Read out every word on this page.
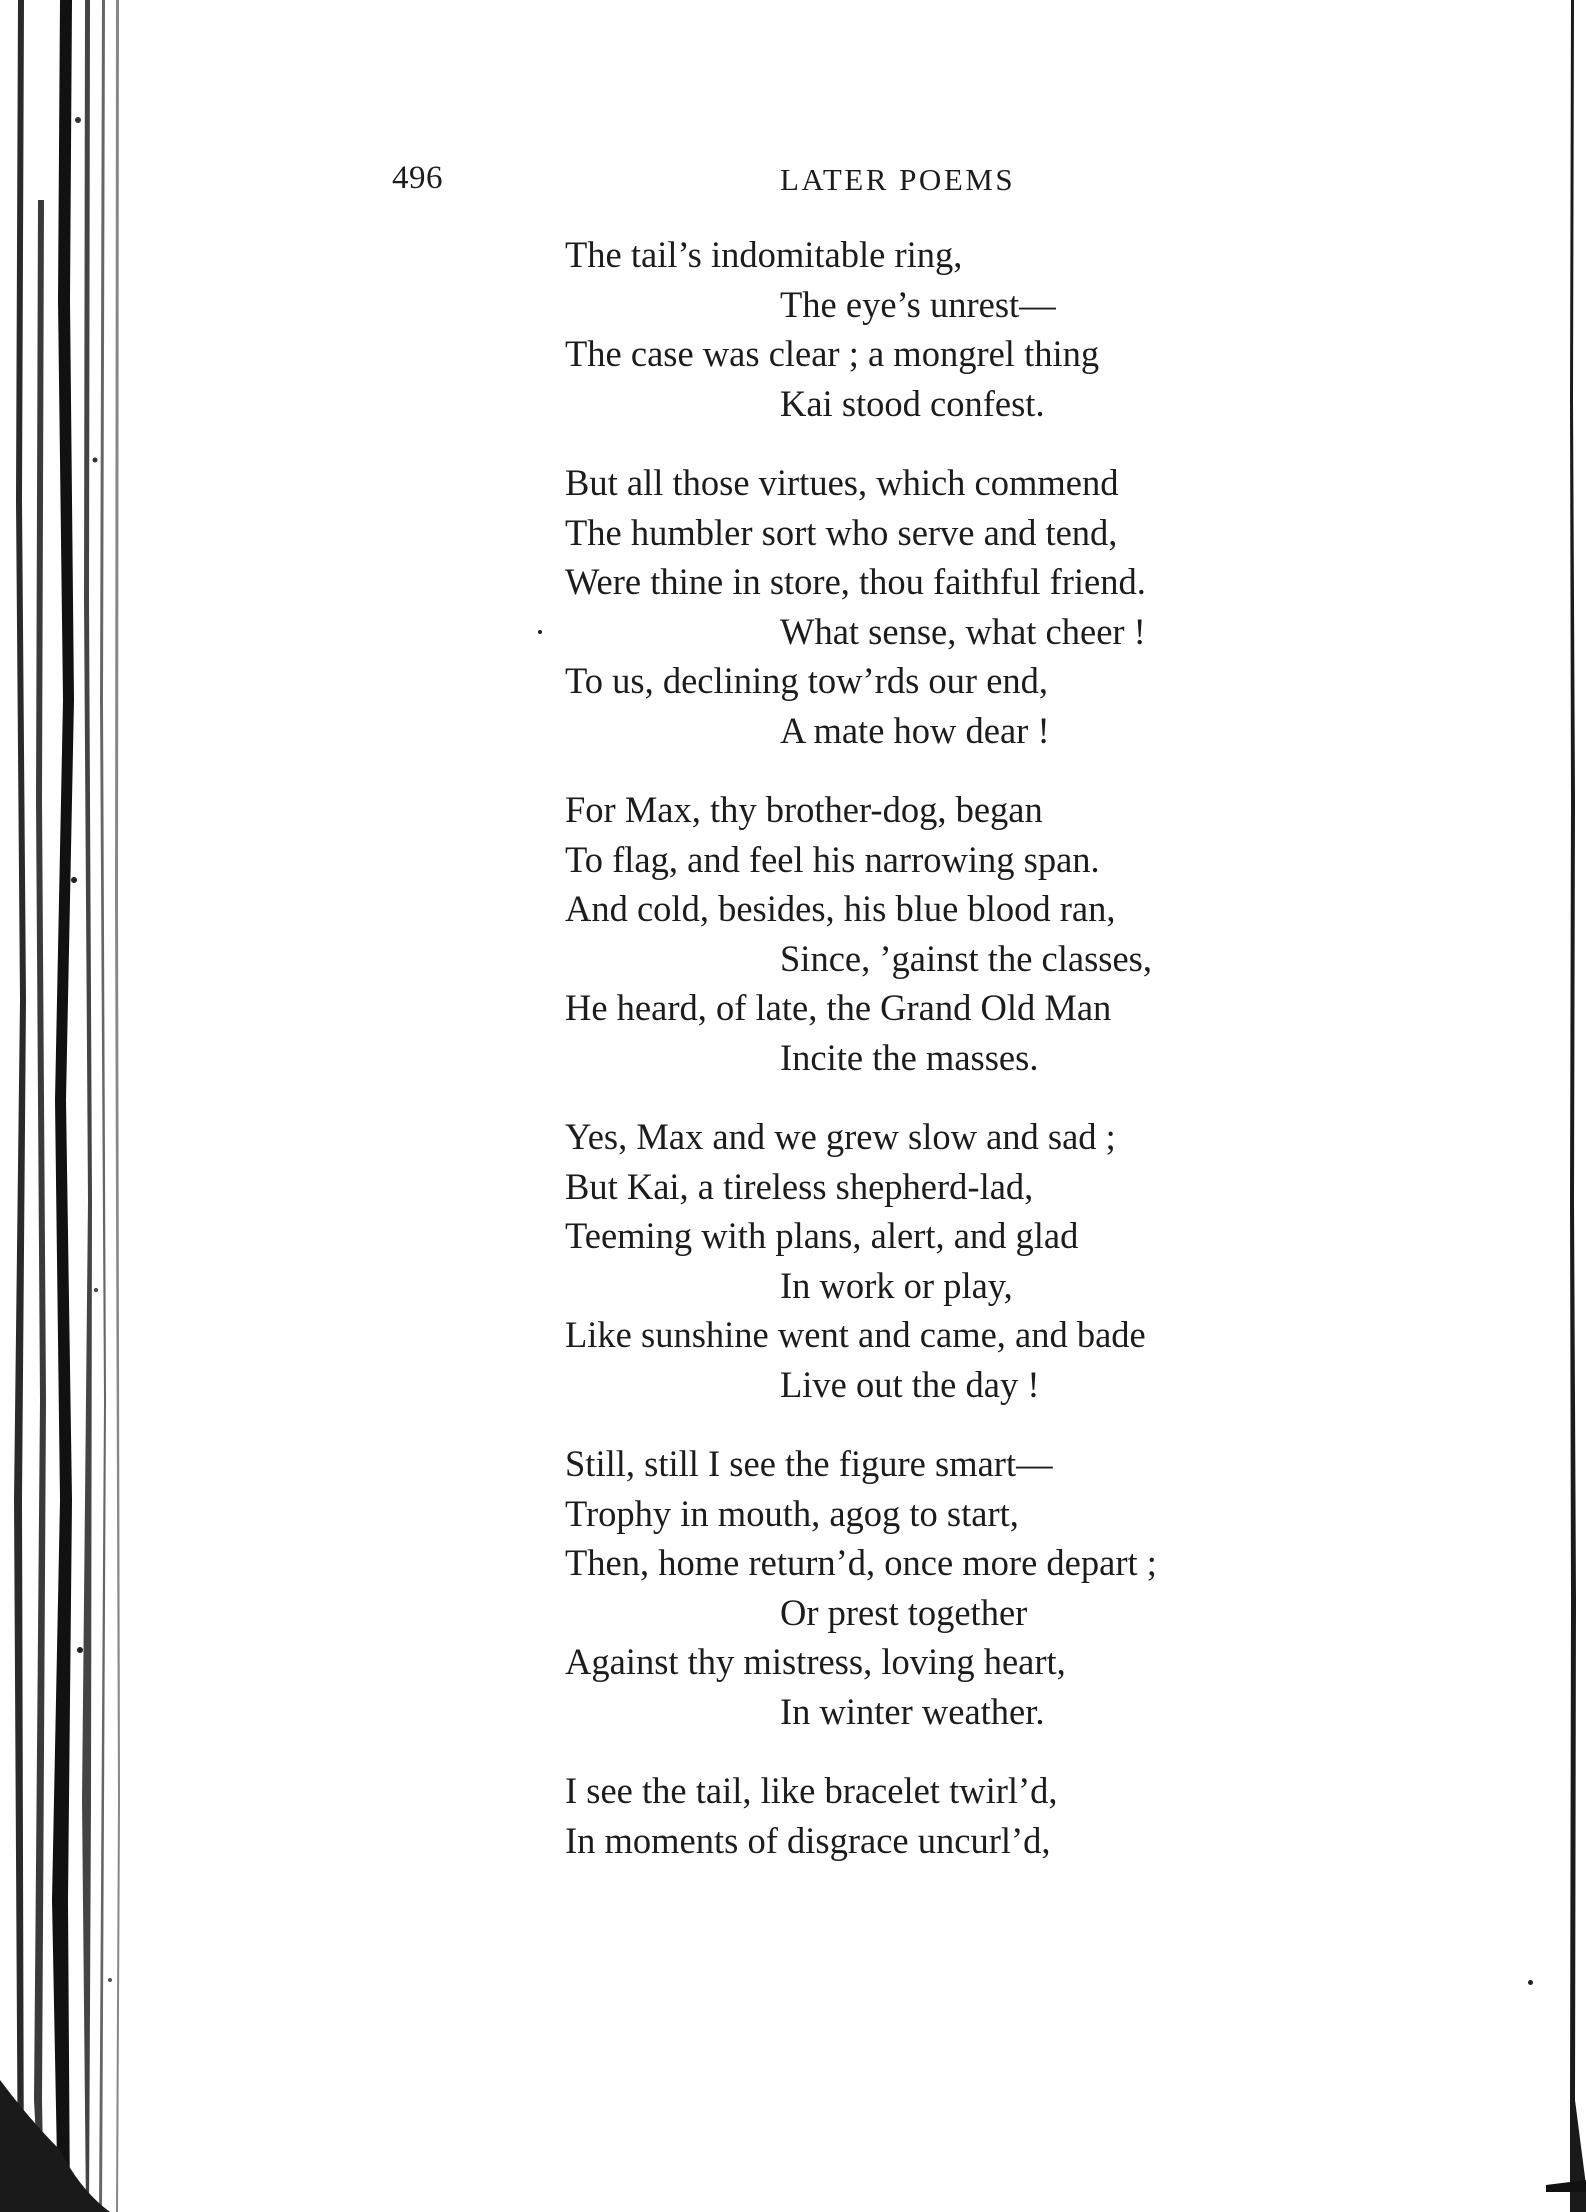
496	LATER POEMS
The tail’s indomitable ring,
The eye’s unrest—
The case was clear ; a mongrel thing
Kai stood confest.
But all those virtues, which commend
The humbler sort who serve and tend,
Were thine in store, thou faithful friend.
What sense, what cheer !
To us, declining tow’rds our end,
A mate how dear !
For Max, thy brother-dog, began
To flag, and feel his narrowing span.
And cold, besides, his blue blood ran,
Since, ’gainst the classes,
He heard, of late, the Grand Old Man
Incite the masses.
Yes, Max and we grew slow and sad ;
But Kai, a tireless shepherd-lad,
Teeming with plans, alert, and glad
In work or play,
Like sunshine went and came, and bade
Live out the day !
Still, still I see the figure smart—
Trophy in mouth, agog to start,
Then, home return’d, once more depart ;
Or prest together
Against thy mistress, loving heart,
In winter weather.
I see the tail, like bracelet twirl’d,
In moments of disgrace uncurl’d,
